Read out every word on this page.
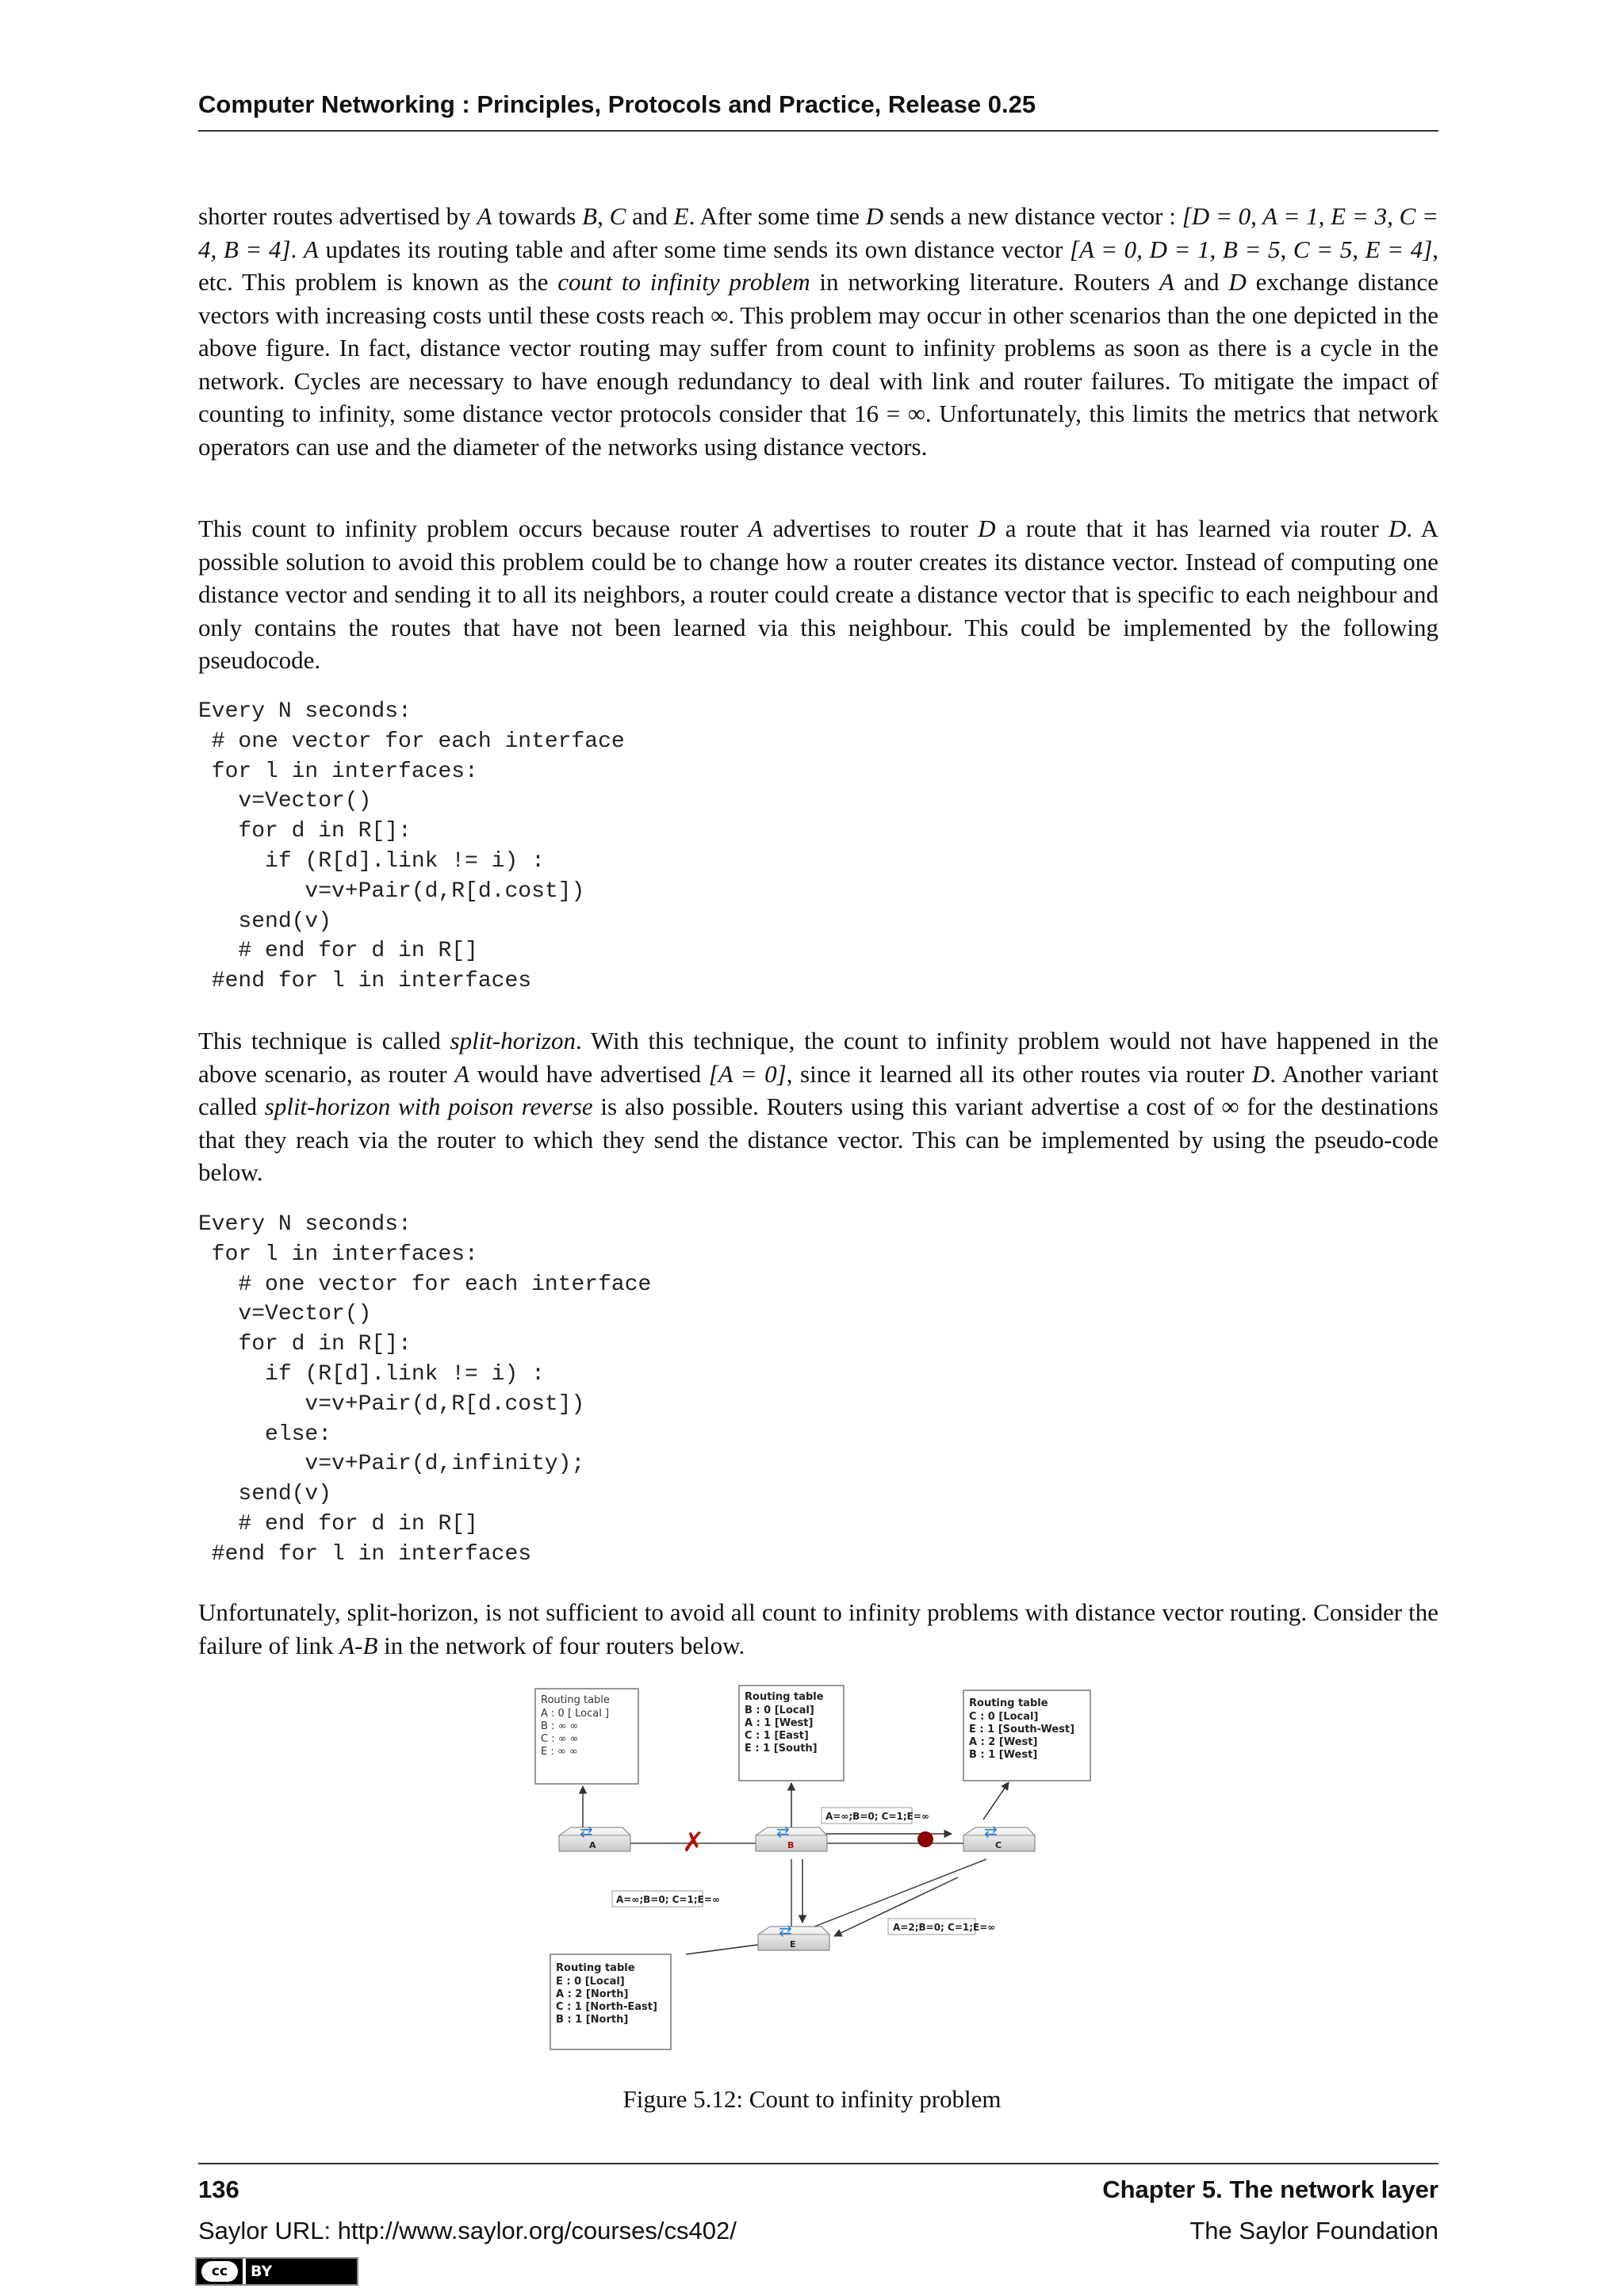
Computer Networking : Principles, Protocols and Practice, Release 0.25

shorter routes advertised by A towards B, C and E. After some time D sends a new distance vector : [D = 0, A = 1, E = 3, C = 4, B = 4]. A updates its routing table and after some time sends its own distance vector [A = 0, D = 1, B = 5, C = 5, E = 4], etc. This problem is known as the count to infinity problem in networking literature. Routers A and D exchange distance vectors with increasing costs until these costs reach ∞. This problem may occur in other scenarios than the one depicted in the above figure. In fact, distance vector routing may suffer from count to infinity problems as soon as there is a cycle in the network. Cycles are necessary to have enough redundancy to deal with link and router failures. To mitigate the impact of counting to infinity, some distance vector protocols consider that 16 = ∞. Unfortunately, this limits the metrics that network operators can use and the diameter of the networks using distance vectors.

This count to infinity problem occurs because router A advertises to router D a route that it has learned via router D. A possible solution to avoid this problem could be to change how a router creates its distance vector. Instead of computing one distance vector and sending it to all its neighbors, a router could create a distance vector that is specific to each neighbour and only contains the routes that have not been learned via this neighbour. This could be implemented by the following pseudocode.

Every N seconds:
# one vector for each interface
for l in interfaces:
v=Vector()
for d in R[]:
if (R[d].link != i) :
v=v+Pair(d,R[d.cost])
send(v)
# end for d in R[]
#end for l in interfaces

This technique is called split-horizon. With this technique, the count to infinity problem would not have happened in the above scenario, as router A would have advertised [A = 0], since it learned all its other routes via router D. Another variant called split-horizon with poison reverse is also possible. Routers using this variant advertise a cost of ∞ for the destinations that they reach via the router to which they send the distance vector. This can be implemented by using the pseudo-code below.

Every N seconds:
for l in interfaces:
# one vector for each interface
v=Vector()
for d in R[]:
if (R[d].link != i) :
v=v+Pair(d,R[d.cost])
else:
v=v+Pair(d,infinity);
send(v)
# end for d in R[]
#end for l in interfaces

Unfortunately, split-horizon, is not sufficient to avoid all count to infinity problems with distance vector routing. Consider the failure of link A-B in the network of four routers below.

Routing table
A : 0 [ Local ]
B : ∞ ∞
C : ∞ ∞
E : ∞ ∞
Routing table
B : 0 [Local]
A : 1 [West]
C : 1 [East]
E : 1 [South]
Routing table
C : 0 [Local]
E : 1 [South-West]
A : 2 [West]
B : 1 [West]
Routing table
E : 0 [Local]
A : 2 [North]
C : 1 [North-East]
B : 1 [North]
✗
A=∞;B=0; C=1;E=∞
A=∞;B=0; C=1;E=∞
A=2;B=0; C=1;E=∞
⇄
A
⇄
B
⇄
C
⇄
E
Figure 5.12: Count to infinity problem
136	Chapter 5. The network layer
Saylor URL: http://www.saylor.org/courses/cs402/	The Saylor Foundation
cc	BY
